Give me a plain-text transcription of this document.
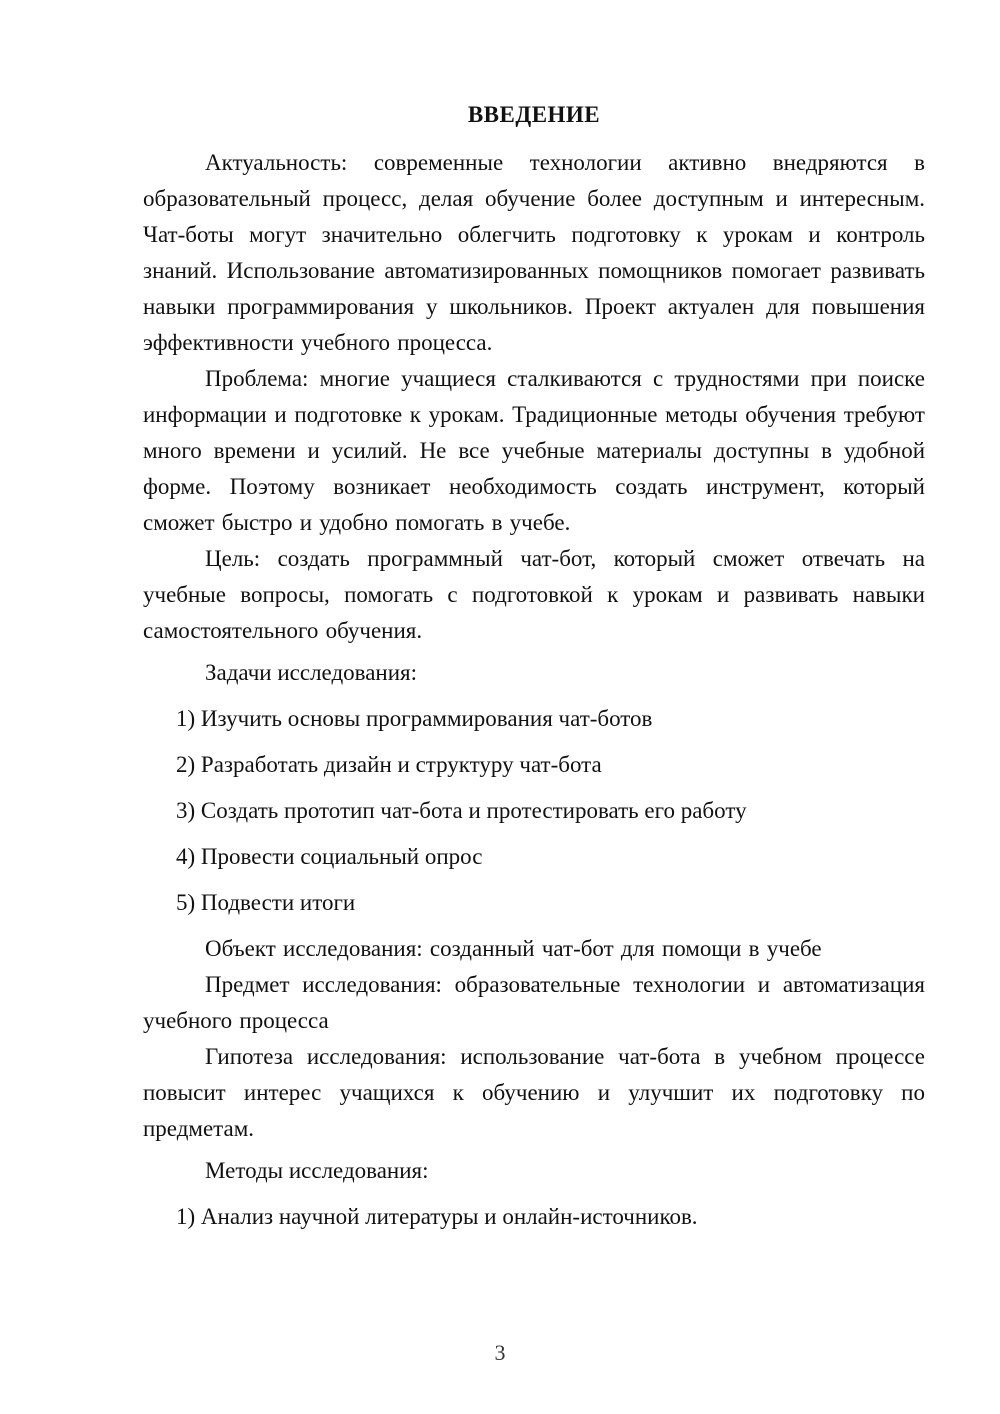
ВВЕДЕНИЕ

Актуальность: современные технологии активно внедряются в образовательный процесс, делая обучение более доступным и интересным. Чат-боты могут значительно облегчить подготовку к урокам и контроль знаний. Использование автоматизированных помощников помогает развивать навыки программирования у школьников. Проект актуален для повышения эффективности учебного процесса.

Проблема: многие учащиеся сталкиваются с трудностями при поиске информации и подготовке к урокам. Традиционные методы обучения требуют много времени и усилий. Не все учебные материалы доступны в удобной форме. Поэтому возникает необходимость создать инструмент, который сможет быстро и удобно помогать в учебе.

Цель: создать программный чат-бот, который сможет отвечать на учебные вопросы, помогать с подготовкой к урокам и развивать навыки самостоятельного обучения.

Задачи исследования:

1) Изучить основы программирования чат-ботов

2) Разработать дизайн и структуру чат-бота

3) Создать прототип чат-бота и протестировать его работу

4) Провести социальный опрос

5) Подвести итоги

Объект исследования: созданный чат-бот для помощи в учебе

Предмет исследования: образовательные технологии и автоматизация учебного процесса

Гипотеза исследования: использование чат-бота в учебном процессе повысит интерес учащихся к обучению и улучшит их подготовку по предметам.

Методы исследования:

1) Анализ научной литературы и онлайн-источников.

3
